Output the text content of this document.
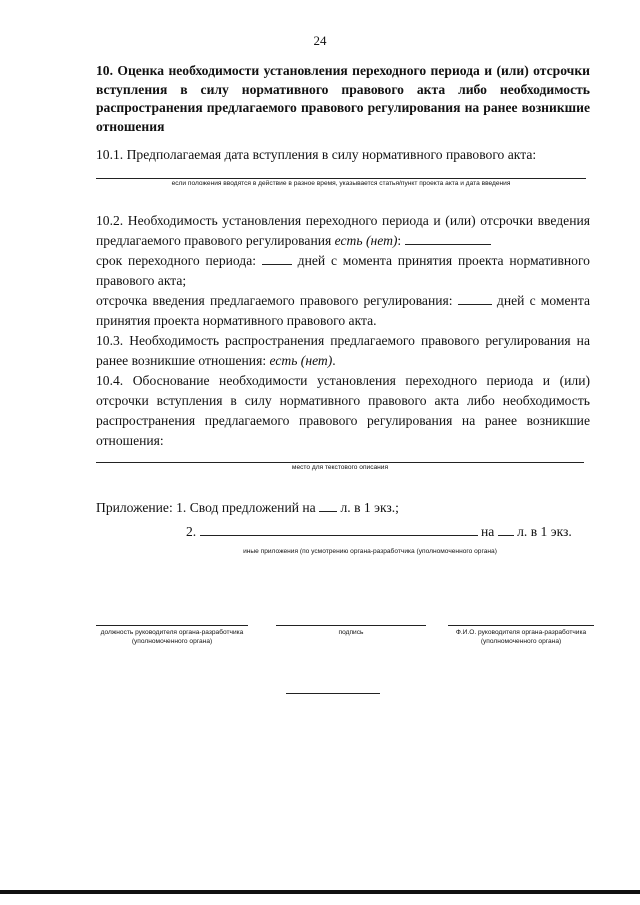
24
10. Оценка необходимости установления переходного периода и (или) отсрочки вступления в силу нормативного правового акта либо необходимость распространения предлагаемого правового регулирования на ранее возникшие отношения
10.1. Предполагаемая дата вступления в силу нормативного правового акта:
если положения вводятся в действие в разное время, указывается статья/пункт проекта акта и дата введения
10.2. Необходимость установления переходного периода и (или) отсрочки введения предлагаемого правового регулирования есть (нет):
срок переходного периода:	дней с момента принятия проекта нормативного правового акта;
отсрочка введения предлагаемого правового регулирования:	дней с момента принятия проекта нормативного правового акта.
10.3. Необходимость распространения предлагаемого правового регулирования на ранее возникшие отношения: есть (нет).
10.4. Обоснование необходимости установления переходного периода и (или) отсрочки вступления в силу нормативного правового акта либо необходимость распространения предлагаемого правового регулирования на ранее возникшие отношения:
место для текстового описания
Приложение: 1. Свод предложений на л. в 1 экз.;
2.	на л. в 1 экз.
иные приложения (по усмотрению органа-разработчика (уполномоченного органа)
должность руководителя органа-разработчика (уполномоченного органа)
подпись	Ф.И.О. руководителя органа-разработчика (уполномоченного органа)
